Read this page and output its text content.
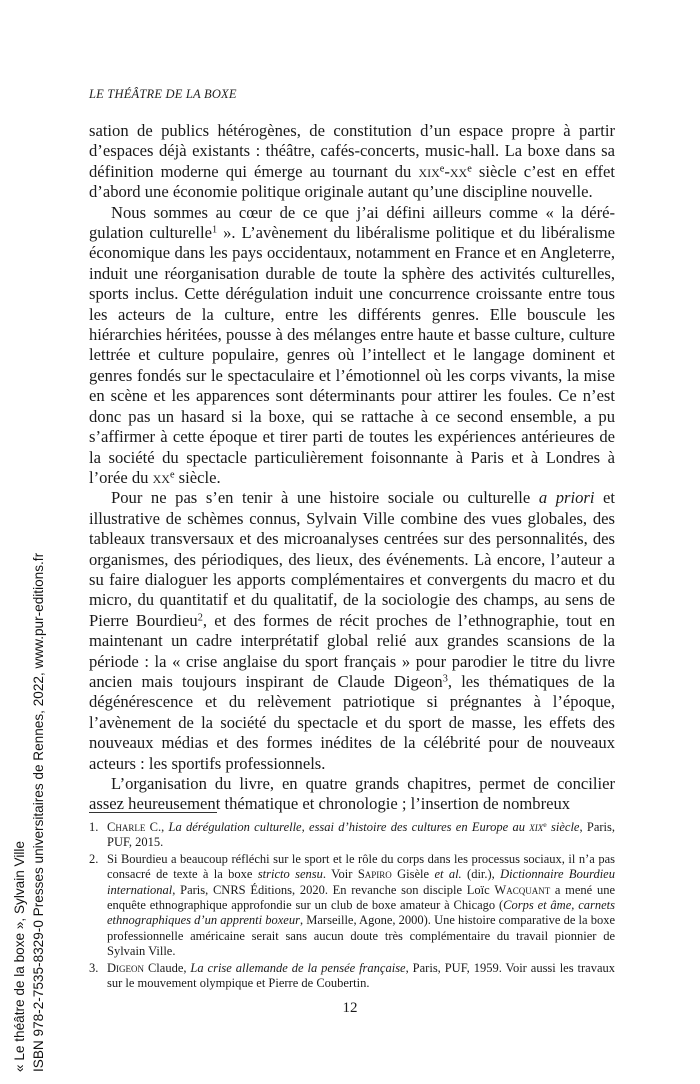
LE THÉÂTRE DE LA BOXE

sation de publics hétérogènes, de constitution d’un espace propre à partir d’espaces déjà existants : théâtre, cafés-concerts, music-hall. La boxe dans sa définition moderne qui émerge au tournant du $xix^e-xx^e$ siècle c’est en effet d’abord une économie politique originale autant qu’une discipline nouvelle.

Nous sommes au cœur de ce que j’ai défini ailleurs comme « la dérégulation culturelle$^1$ ». L’avènement du libéralisme politique et du libéralisme économique dans les pays occidentaux, notamment en France et en Angleterre, induit une réorganisation durable de toute la sphère des activités culturelles, sports inclus. Cette dérégulation induit une concurrence croissante entre tous les acteurs de la culture, entre les différents genres. Elle bouscule les hiérarchies héritées, pousse à des mélanges entre haute et basse culture, culture lettrée et culture populaire, genres où l’intellect et le langage dominent et genres fondés sur le spectaculaire et l’émotionnel où les corps vivants, la mise en scène et les apparences sont déterminants pour attirer les foules. Ce n’est donc pas un hasard si la boxe, qui se rattache à ce second ensemble, a pu s’affirmer à cette époque et tirer parti de toutes les expériences antérieures de la société du spectacle particulièrement foisonnante à Paris et à Londres à l’orée du $xx^e$ siècle.

Pour ne pas s’en tenir à une histoire sociale ou culturelle a priori et illustrative de schèmes connus, Sylvain Ville combine des vues globales, des tableaux transversaux et des microanalyses centrées sur des personnalités, des organismes, des périodiques, des lieux, des événements. Là encore, l’auteur a su faire dialoguer les apports complémentaires et convergents du macro et du micro, du quantitatif et du qualitatif, de la sociologie des champs, au sens de Pierre Bourdieu$^2$, et des formes de récit proches de l’ethnographie, tout en maintenant un cadre interprétatif global relié aux grandes scansions de la période : la « crise anglaise du sport français » pour parodier le titre du livre ancien mais toujours inspirant de Claude Digeon$^3$, les thématiques de la dégénérescence et du relèvement patriotique si prégnantes à l’époque, l’avènement de la société du spectacle et du sport de masse, les effets des nouveaux médias et des formes inédites de la célébrité pour de nouveaux acteurs : les sportifs professionnels.

L’organisation du livre, en quatre grands chapitres, permet de concilier assez heureusement thématique et chronologie ; l’insertion de nombreux

1. Charle C., La dérégulation culturelle, essai d’histoire des cultures en Europe au xix$^e$ siècle, Paris, PUF, 2015.
2. Si Bourdieu a beaucoup réfléchi sur le sport et le rôle du corps dans les processus sociaux, il n’a pas consacré de texte à la boxe stricto sensu. Voir Sapiro Gisèle et al. (dir.), Dictionnaire Bourdieu international, Paris, CNRS Éditions, 2020. En revanche son disciple Loïc Wacquant a mené une enquête ethnographique approfondie sur un club de boxe amateur à Chicago (Corps et âme, carnets ethnographiques d’un apprenti boxeur, Marseille, Agone, 2000). Une histoire comparative de la boxe professionnelle américaine serait sans aucun doute très complémentaire du travail pionnier de Sylvain Ville.
3. Digeon Claude, La crise allemande de la pensée française, Paris, PUF, 1959. Voir aussi les travaux sur le mouvement olympique et Pierre de Coubertin.
12
« Le théâtre de la boxe », Sylvain Ville ISBN 978-2-7535-8329-0 Presses universitaires de Rennes, 2022, www.pur-editions.fr
